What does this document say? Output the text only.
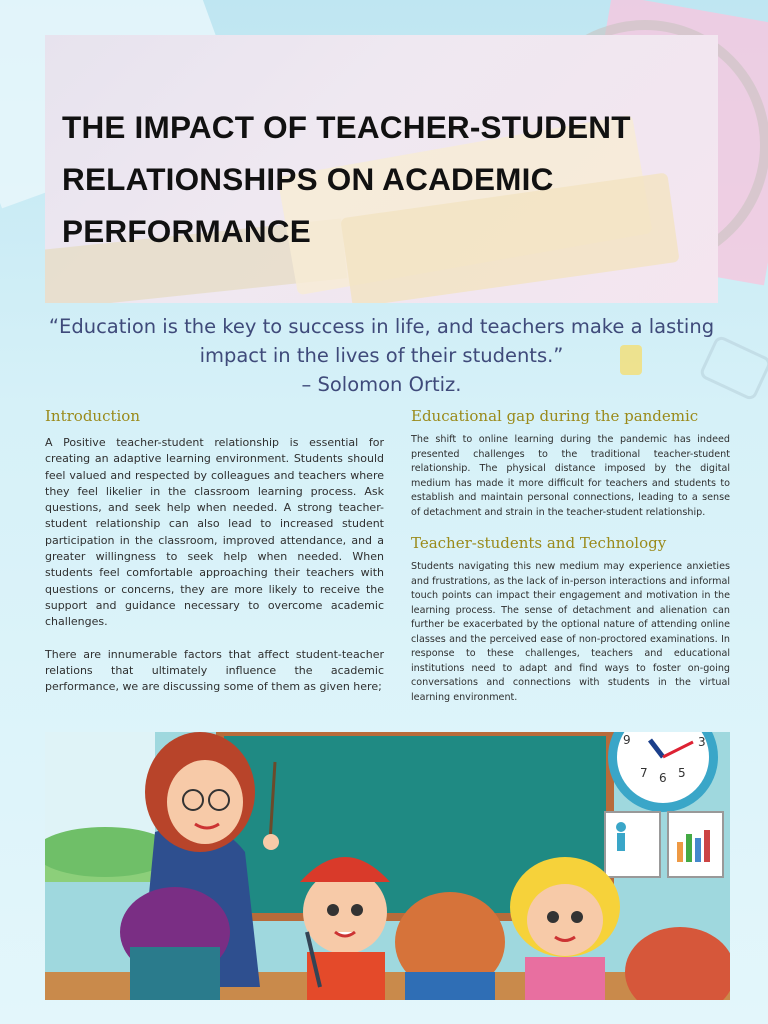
THE IMPACT OF TEACHER-STUDENT RELATIONSHIPS ON ACADEMIC PERFORMANCE
“Education is the key to success in life, and teachers make a lasting impact in the lives of their students.”
– Solomon Ortiz.
Introduction

A Positive teacher-student relationship is essential for creating an adaptive learning environment. Students should feel valued and respected by colleagues and teachers where they feel likelier in the classroom learning process. Ask questions, and seek help when needed. A strong teacher-student relationship can also lead to increased student participation in the classroom, improved attendance, and a greater willingness to seek help when needed. When students feel comfortable approaching their teachers with questions or concerns, they are more likely to receive the support and guidance necessary to overcome academic challenges.

There are innumerable factors that affect student-teacher relations that ultimately influence the academic performance, we are discussing some of them as given here;

Educational gap during the pandemic

The shift to online learning during the pandemic has indeed presented challenges to the traditional teacher-student relationship. The physical distance imposed by the digital medium has made it more difficult for teachers and students to establish and maintain personal connections, leading to a sense of detachment and strain in the teacher-student relationship.

Teacher-students and Technology

Students navigating this new medium may experience anxieties and frustrations, as the lack of in-person interactions and informal touch points can impact their engagement and motivation in the learning process. The sense of detachment and alienation can further be exacerbated by the optional nature of attending online classes and the perceived ease of non-proctored examinations. In response to these challenges, teachers and educational institutions need to adapt and find ways to foster on-going conversations and connections with students in the virtual learning environment.

9	3
7 6 5
